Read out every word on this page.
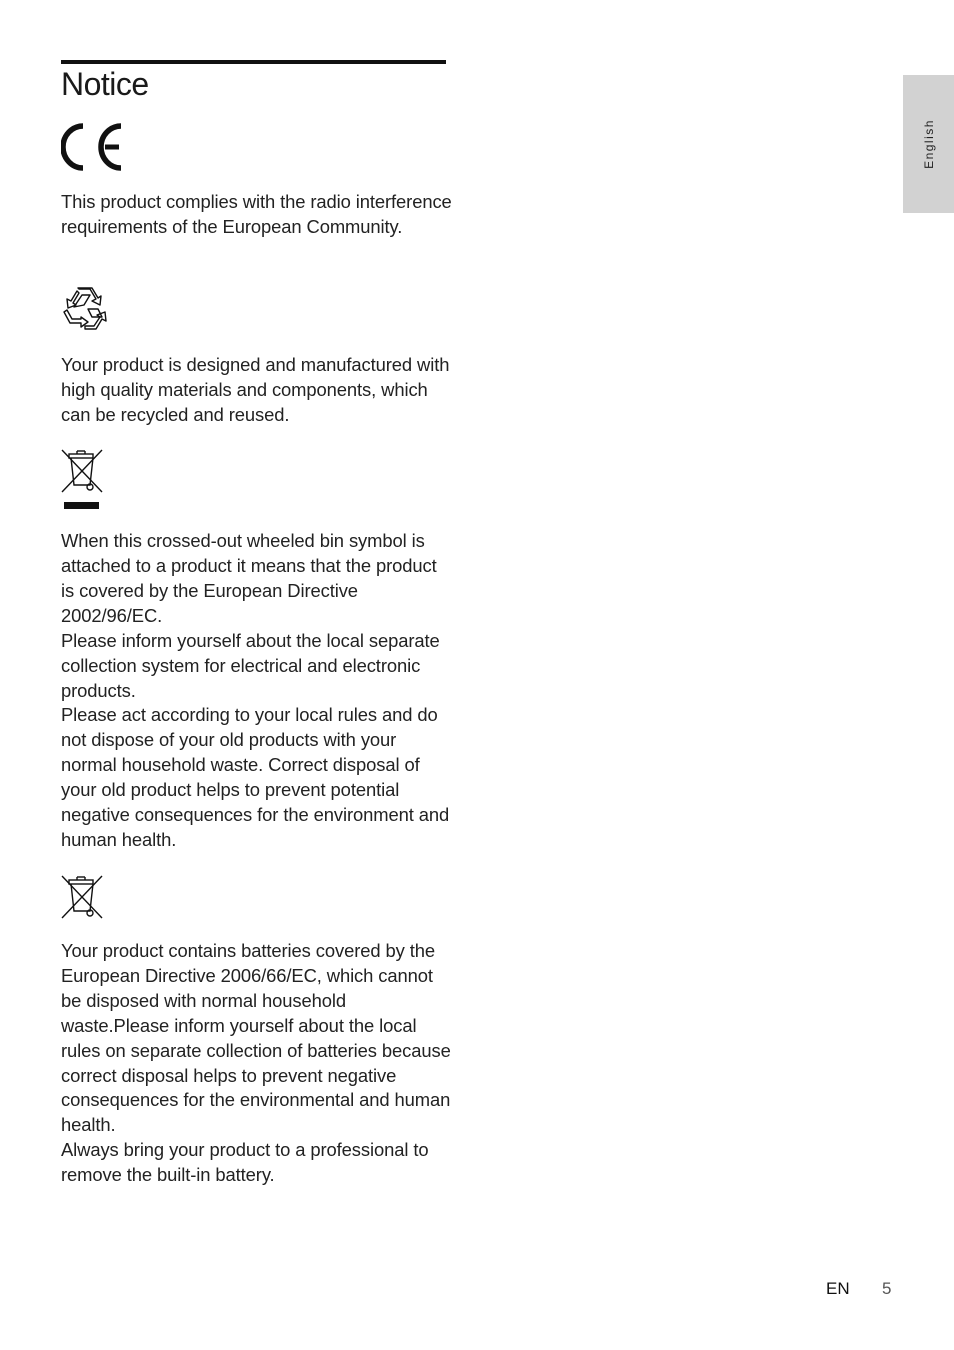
Notice
English

This product complies with the radio interference requirements of the European Community.

Your product is designed and manufactured with high quality materials and components, which can be recycled and reused.

When this crossed-out wheeled bin symbol is attached to a product it means that the product is covered by the European Directive 2002/96/EC.

Please inform yourself about the local separate collection system for electrical and electronic products.

Please act according to your local rules and do not dispose of your old products with your normal household waste. Correct disposal of your old product helps to prevent potential negative consequences for the environment and human health.

Your product contains batteries covered by the European Directive 2006/66/EC, which cannot be disposed with normal household waste.Please inform yourself about the local rules on separate collection of batteries because correct disposal helps to prevent negative consequences for the environmental and human health.

Always bring your product to a professional to remove the built-in battery.

EN 5
